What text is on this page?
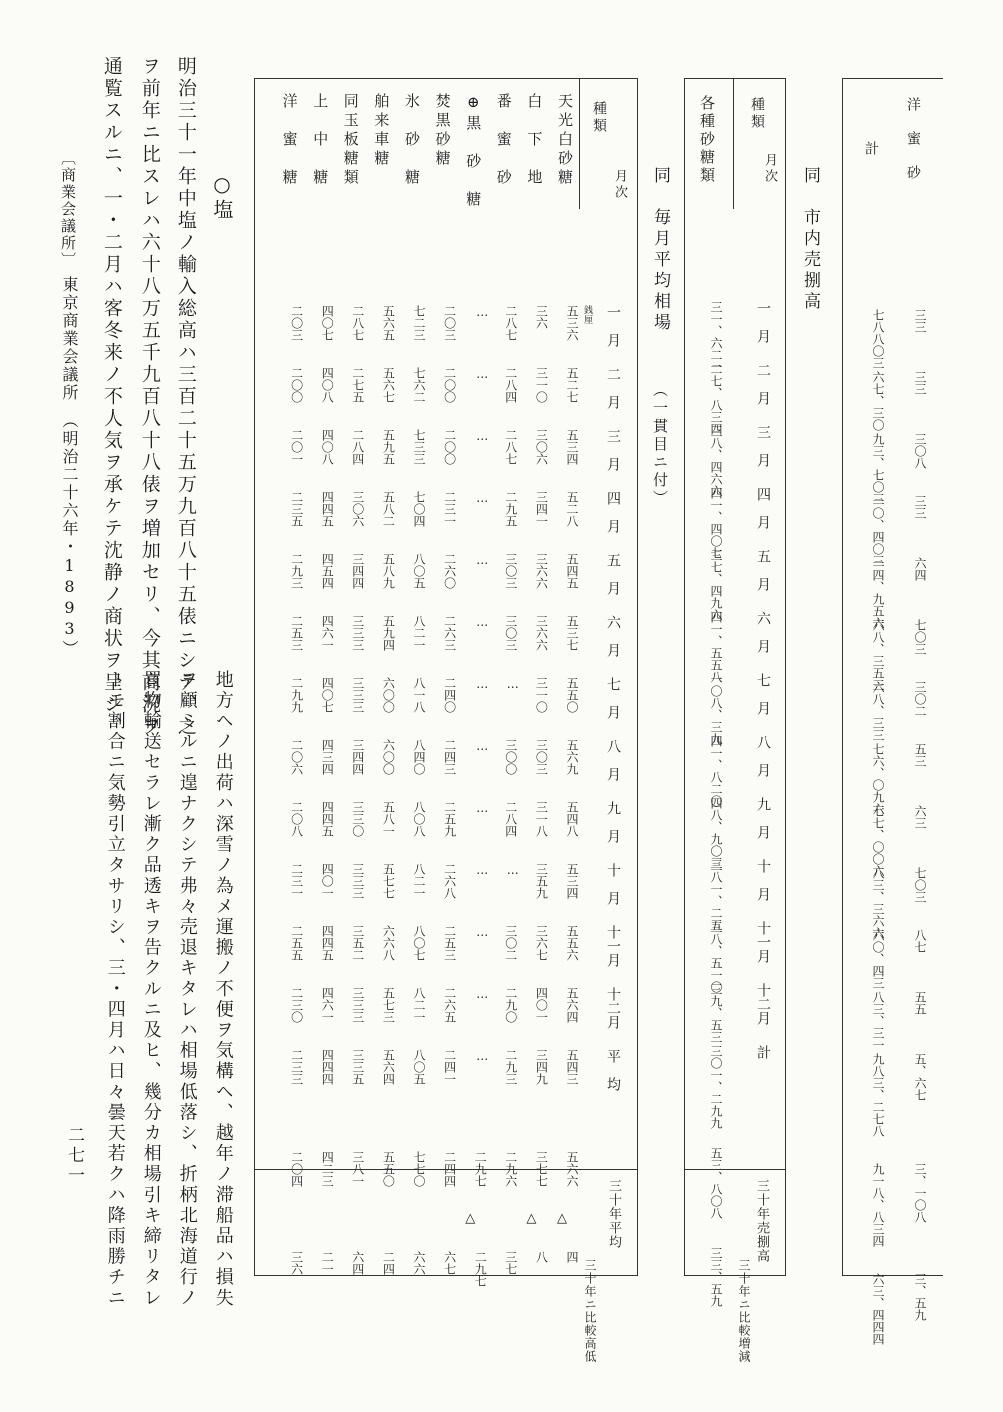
洋　蜜　砂
計
三三
三三
三〇八
三三
六四
七〇三
三〇二
五三
六三
七〇三
八七
五五
五、六七
三、一〇八
三、五九
七八八〇三
六七、三〇
九三、七〇三
一〇、四〇三
一四、九五六
六八、三五三
六八、三三
七六、〇九六
七七、〇〇六
八三、三六六
六〇、四三
八三、三一
九八三、二七八
九一八、八三四
六三、四四四
同　市内売捌高
種類
月次
各種砂糖類
一　月
二　月
三　月
四　月
五　月
六　月
七　月
八　月
九　月
十　月
十一月
十二月
計
三一、六二一
二七、八三四
三八、四六六
四一、四〇七
三七、四九六
四一、五五八
一〇八、三九
四一、八二〇
四八、九〇三
三八一、二五
三八、五一〇
三九、五三
三〇一、二九九
五三、八〇八
三三、五九
三十年売捌高
三十年ニ比較増減
同　毎月平均相場
（一貫目ニ付）
種類
月次
天光白砂糖
白　下　地
番　蜜　砂
⊕黒　砂　糖
焚黒砂糖
氷　砂　糖
舶来車糖
同玉板糖類
上　中　糖
洋　蜜　糖
一　月
二　月
三　月
四　月
五　月
六　月
七　月
八　月
九　月
十　月
十一月
十二月
平　均
五三六
五二七
五三四
五二八
五四五
五三七
五五〇
五六九
五四八
五三四
五五六
五六四
五四三
五六六
四
三六
三一〇
三〇六
三四一
三六六
三六六
三一〇
三〇三
三一八
三五九
三六七
四〇一
三四九
三七七
八
二八七
二八四
二八七
二九五
三〇三
三〇三
…
三〇〇
二八四
…
三〇二
二九〇
二九三
二九六
三七
…
…
…
…
…
…
…
…
…
…
…
…
…
二九七
二九七
二〇三
二〇〇
二〇〇
二三一
二六〇
二六三
二四〇
二四三
二五九
二六八
二五三
二六五
二四一
二四四
六七
七二三
七六二
七三三
七〇四
八〇五
八二一
八一八
八四〇
八〇八
八二一
八〇七
八二一
八〇五
七七〇
六六
五六五
五六七
五九五
五八二
五八九
五九四
六〇〇
六〇〇
五八一
五七七
六六八
五七三
五六四
五五〇
二四
二八七
二七五
二八四
三〇六
三四四
三三三
三三三
三四四
三三〇
三三三
三五二
三三三
三三五
三八一
六四
四〇七
四〇八
四〇八
四四五
四五四
四六一
四〇七
四三四
四四五
四〇一
四四五
四六一
四四四
四二三
二一
二〇三
二〇〇
二〇一
二三五
二九三
二五三
二九九
二〇六
二〇八
二三一
二五五
二三〇
二三三
二〇四
三六
銭厘
△
△
△	三十年平均
三十年ニ比較高低
○塩
明治三十一年中塩ノ輸入総高ハ三百二十五万九百八十五俵ニシテ、之
ヲ前年ニ比スレハ六十八万五千九百八十八俵ヲ増加セリ、今其商況ヲ
通覧スルニ、一・二月ハ客冬来ノ不人気ヲ承ケテ沈静ノ商状ヲ呈シ、
地方ヘノ出荷ハ深雪ノ為メ運搬ノ不便ヲ気構ヘ、越年ノ滞船品ハ損失
ヲ顧ミルニ遑ナクシテ弗々売退キタレハ相場低落シ、折柄北海道行ノ
買物輸送セラレ漸ク品透キヲ告クルニ及ヒ、幾分カ相場引キ締リタレ
トモ割合ニ気勢引立タサリシ、三・四月ハ日々曇天若クハ降雨勝チニ
〔商業会議所〕
東京商業会議所　（明治二十六年・1893）
二七一
